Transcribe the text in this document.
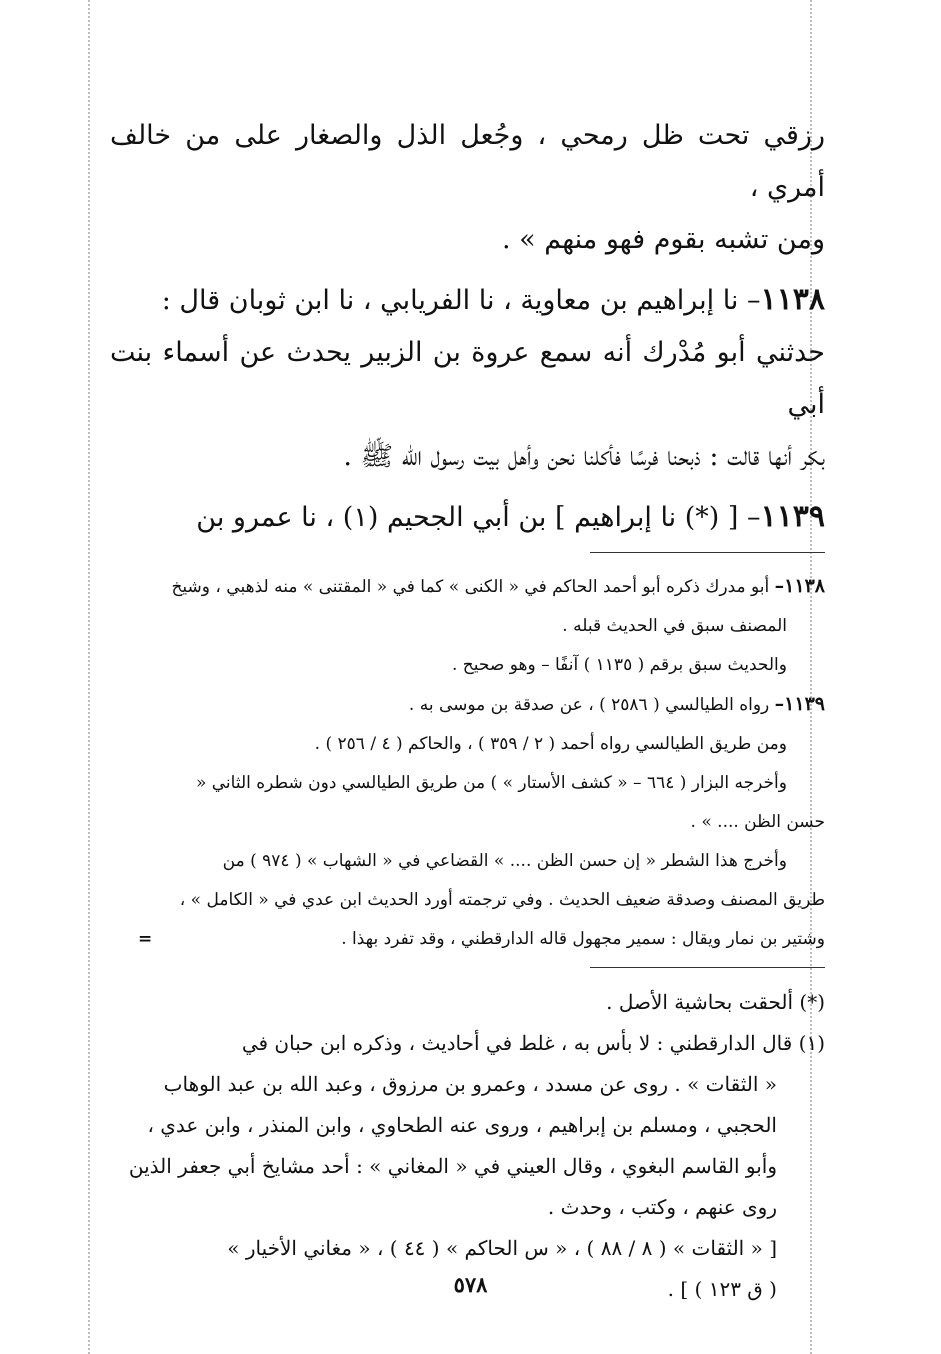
رزقي تحت ظل رمحي ، وجُعل الذل والصغار على من خالف أمري ،

ومن تشبه بقوم فهو منهم » .

١١٣٨– نا إبراهيم بن معاوية ، نا الفريابي ، نا ابن ثوبان قال :

حدثني أبو مُدْرك أنه سمع عروة بن الزبير يحدث عن أسماء بنت أبي

بكر أنها قالت : ذبحنا فرسًا فأكلنا نحن وأهل بيت رسول الله ﷺ .

١١٣٩– [ (*) نا إبراهيم ] بن أبي الجحيم (١) ، نا عمرو بن

١١٣٨– أبو مدرك ذكره أبو أحمد الحاكم في « الكنى » كما في « المقتنى » منه لذهبي ، وشيخ

المصنف سبق في الحديث قبله .

والحديث سبق برقم ( ١١٣٥ ) آنفًا – وهو صحيح .

١١٣٩– رواه الطيالسي ( ٢٥٨٦ ) ، عن صدقة بن موسى به .

ومن طريق الطيالسي رواه أحمد ( ٢ / ٣٥٩ ) ، والحاكم ( ٤ / ٢٥٦ ) .

وأخرجه البزار ( ٦٦٤ – « كشف الأستار » ) من طريق الطيالسي دون شطره الثاني «

حسن الظن .... » .

وأخرج هذا الشطر « إن حسن الظن .... » القضاعي في « الشهاب » ( ٩٧٤ ) من

طريق المصنف وصدقة ضعيف الحديث . وفي ترجمته أورد الحديث ابن عدي في « الكامل » ،

=	وشتير بن نمار ويقال : سمير مجهول قاله الدارقطني ، وقد تفرد بهذا .

(*) ألحقت بحاشية الأصل .

(١) قال الدارقطني : لا بأس به ، غلط في أحاديث ، وذكره ابن حبان في

« الثقات » . روى عن مسدد ، وعمرو بن مرزوق ، وعبد الله بن عبد الوهاب

الحجبي ، ومسلم بن إبراهيم ، وروى عنه الطحاوي ، وابن المنذر ، وابن عدي ،

وأبو القاسم البغوي ، وقال العيني في « المغاني » : أحد مشايخ أبي جعفر الذين

روى عنهم ، وكتب ، وحدث .

[ « الثقات » ( ٨ / ٨٨ ) ، « س الحاكم » ( ٤٤ ) ، « مغاني الأخيار »

( ق ١٢٣ ) ] .

٥٧٨
